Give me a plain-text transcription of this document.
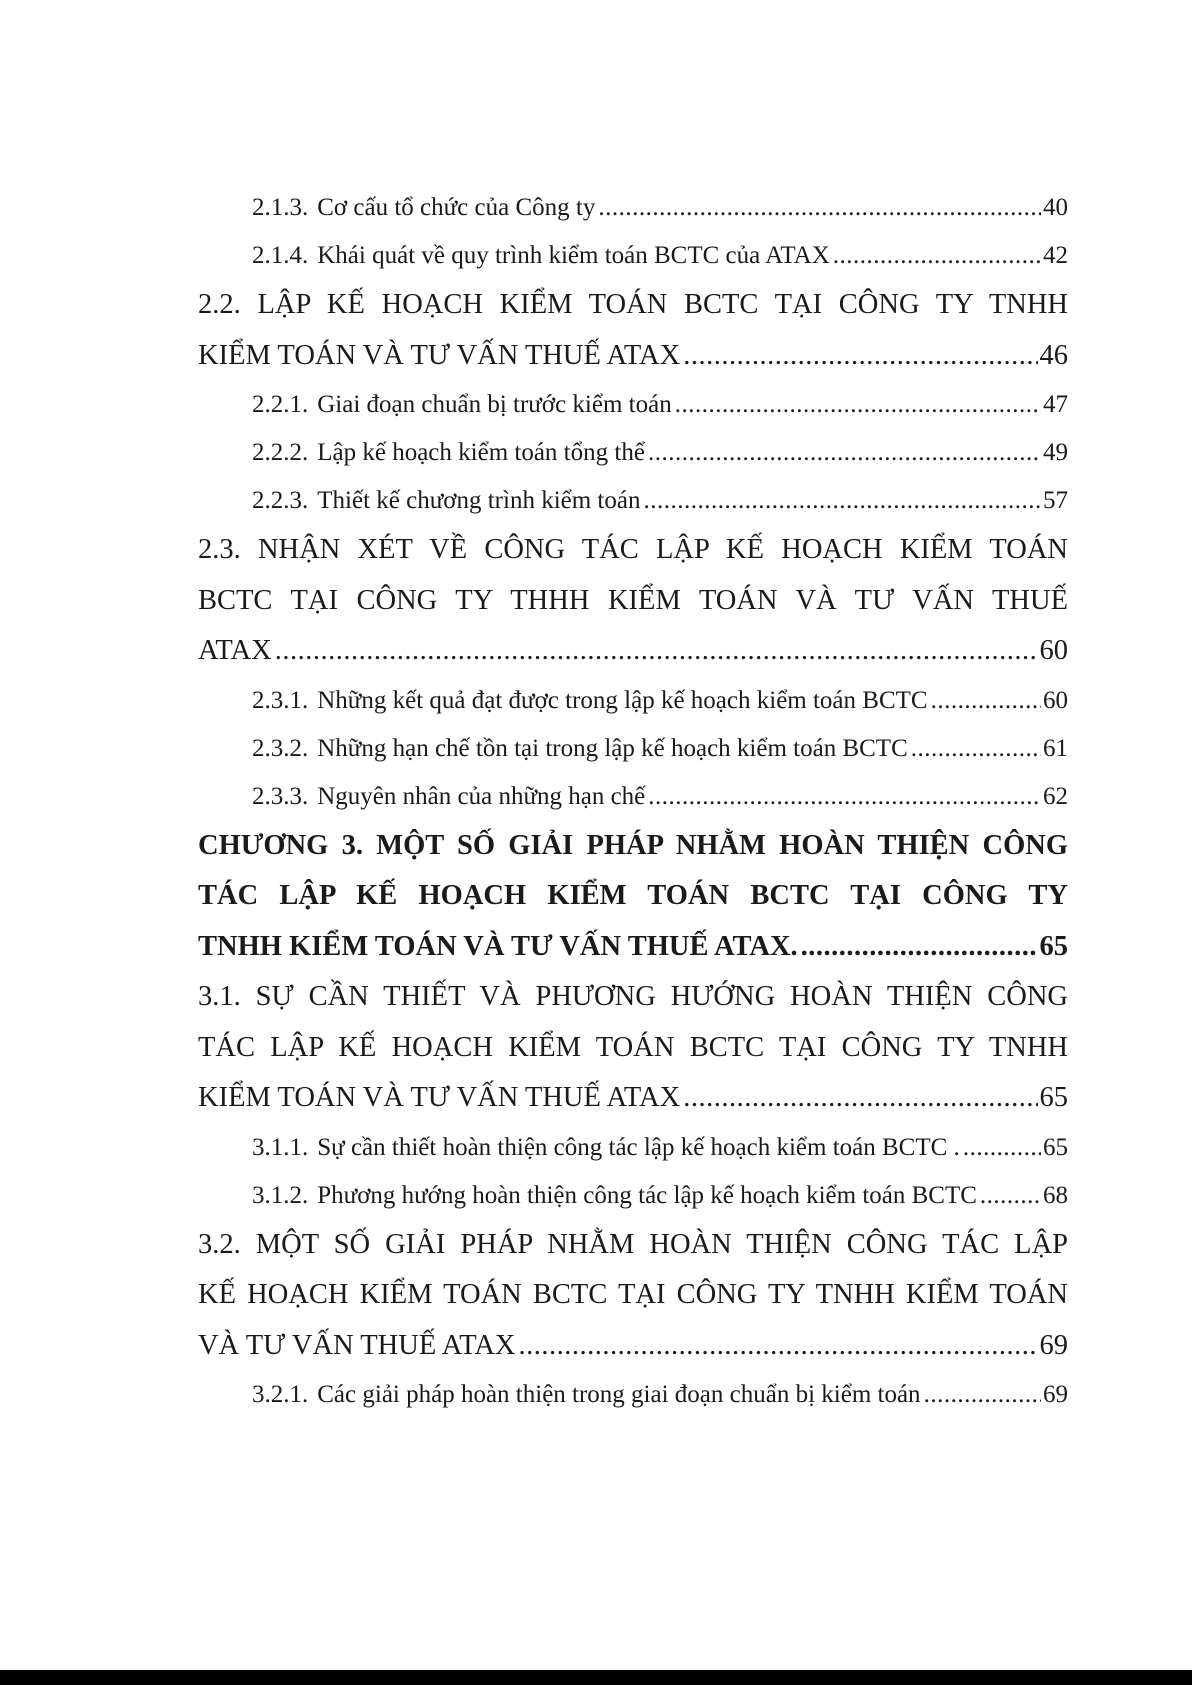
2.1.3. Cơ cấu tổ chức của Công ty .....	40
2.1.4. Khái quát về quy trình kiểm toán BCTC của ATAX .....	42
2.2. LẬP KẾ HOẠCH KIỂM TOÁN BCTC TẠI CÔNG TY TNHH
KIỂM TOÁN VÀ TƯ VẤN THUẾ ATAX .....	46
2.2.1. Giai đoạn chuẩn bị trước kiểm toán .....	47
2.2.2. Lập kế hoạch kiểm toán tổng thể .....	49
2.2.3. Thiết kế chương trình kiểm toán .....	57
2.3. NHẬN XÉT VỀ CÔNG TÁC LẬP KẾ HOẠCH KIỂM TOÁN
BCTC TẠI CÔNG TY THHH KIỂM TOÁN VÀ TƯ VẤN THUẾ
ATAX .....	60
2.3.1. Những kết quả đạt được trong lập kế hoạch kiểm toán BCTC .....	60
2.3.2. Những hạn chế tồn tại trong lập kế hoạch kiểm toán BCTC .....	61
2.3.3. Nguyên nhân của những hạn chế .....	62
CHƯƠNG 3. MỘT SỐ GIẢI PHÁP NHẰM HOÀN THIỆN CÔNG
TÁC LẬP KẾ HOẠCH KIỂM TOÁN BCTC TẠI CÔNG TY
TNHH KIỂM TOÁN VÀ TƯ VẤN THUẾ ATAX. .....	65
3.1. SỰ CẦN THIẾT VÀ PHƯƠNG HƯỚNG HOÀN THIỆN CÔNG
TÁC LẬP KẾ HOẠCH KIỂM TOÁN BCTC TẠI CÔNG TY TNHH
KIỂM TOÁN VÀ TƯ VẤN THUẾ ATAX .....	65
3.1.1. Sự cần thiết hoàn thiện công tác lập kế hoạch kiểm toán BCTC . .....	65
3.1.2. Phương hướng hoàn thiện công tác lập kế hoạch kiểm toán BCTC .....	68
3.2. MỘT SỐ GIẢI PHÁP NHẰM HOÀN THIỆN CÔNG TÁC LẬP
KẾ HOẠCH KIỂM TOÁN BCTC TẠI CÔNG TY TNHH KIỂM TOÁN
VÀ TƯ VẤN THUẾ ATAX .....	69
3.2.1. Các giải pháp hoàn thiện trong giai đoạn chuẩn bị kiểm toán .....	69
